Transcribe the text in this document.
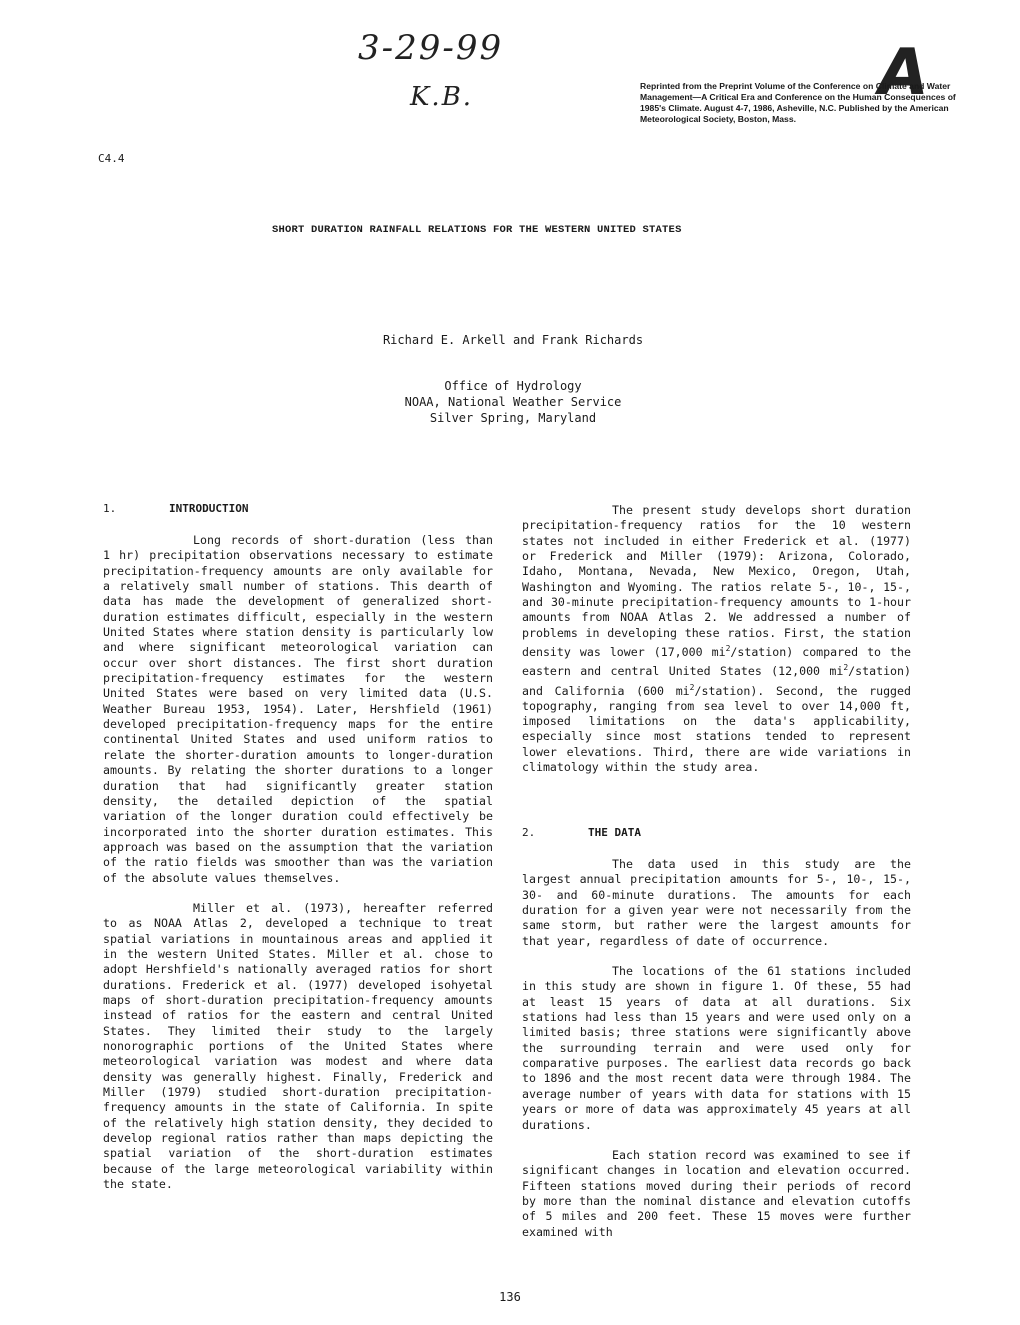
3-29-99
K.B.	A
Reprinted from the Preprint Volume of the Conference on Climate and Water Management—A Critical Era and Conference on the Human Consequences of 1985's Climate. August 4-7, 1986, Asheville, N.C. Published by the American Meteorological Society, Boston, Mass.
C4.4
SHORT DURATION RAINFALL RELATIONS FOR THE WESTERN UNITED STATES
Richard E. Arkell and Frank Richards
Office of Hydrology
NOAA, National Weather Service
Silver Spring, Maryland
1.	INTRODUCTION

Long records of short-duration (less than 1 hr) precipitation observations necessary to estimate precipitation-frequency amounts are only available for a relatively small number of stations. This dearth of data has made the development of generalized short-duration estimates difficult, especially in the western United States where station density is particularly low and where significant meteorological variation can occur over short distances. The first short duration precipitation-frequency estimates for the western United States were based on very limited data (U.S. Weather Bureau 1953, 1954). Later, Hershfield (1961) developed precipitation-frequency maps for the entire continental United States and used uniform ratios to relate the shorter-duration amounts to longer-duration amounts. By relating the shorter durations to a longer duration that had significantly greater station density, the detailed depiction of the spatial variation of the longer duration could effectively be incorporated into the shorter duration estimates. This approach was based on the assumption that the variation of the ratio fields was smoother than was the variation of the absolute values themselves.

Miller et al. (1973), hereafter referred to as NOAA Atlas 2, developed a technique to treat spatial variations in mountainous areas and applied it in the western United States. Miller et al. chose to adopt Hershfield's nationally averaged ratios for short durations. Frederick et al. (1977) developed isohyetal maps of short-duration precipitation-frequency amounts instead of ratios for the eastern and central United States. They limited their study to the largely nonorographic portions of the United States where meteorological variation was modest and where data density was generally highest. Finally, Frederick and Miller (1979) studied short-duration precipitation-frequency amounts in the state of California. In spite of the relatively high station density, they decided to develop regional ratios rather than maps depicting the spatial variation of the short-duration estimates because of the large meteorological variability within the state.

The present study develops short duration precipitation-frequency ratios for the 10 western states not included in either Frederick et al. (1977) or Frederick and Miller (1979): Arizona, Colorado, Idaho, Montana, Nevada, New Mexico, Oregon, Utah, Washington and Wyoming. The ratios relate 5-, 10-, 15-, and 30-minute precipitation-frequency amounts to 1-hour amounts from NOAA Atlas 2. We addressed a number of problems in developing these ratios. First, the station density was lower (17,000 $mi^2/station$) compared to the eastern and central United States (12,000 $mi^2/station$) and California (600 $mi^2/station$). Second, the rugged topography, ranging from sea level to over 14,000 ft, imposed limitations on the data's applicability, especially since most stations tended to represent lower elevations. Third, there are wide variations in climatology within the study area.

2.	THE DATA

The data used in this study are the largest annual precipitation amounts for 5-, 10-, 15-, 30- and 60-minute durations. The amounts for each duration for a given year were not necessarily from the same storm, but rather were the largest amounts for that year, regardless of date of occurrence.

The locations of the 61 stations included in this study are shown in figure 1. Of these, 55 had at least 15 years of data at all durations. Six stations had less than 15 years and were used only on a limited basis; three stations were significantly above the surrounding terrain and were used only for comparative purposes. The earliest data records go back to 1896 and the most recent data were through 1984. The average number of years with data for stations with 15 years or more of data was approximately 45 years at all durations.

Each station record was examined to see if significant changes in location and elevation occurred. Fifteen stations moved during their periods of record by more than the nominal distance and elevation cutoffs of 5 miles and 200 feet. These 15 moves were further examined with

136
